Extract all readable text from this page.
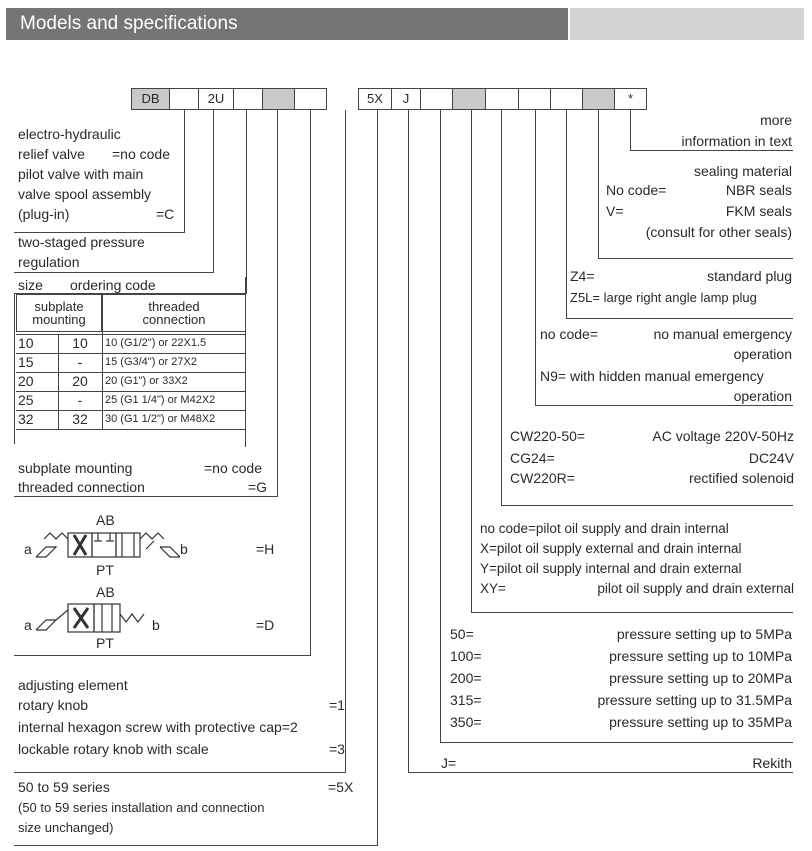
Models and specifications
DB	2U	5X	J	*
electro-hydraulic
relief valve =no code
pilot valve with main
valve spool assembly
(plug-in)	=C
two-staged pressure
regulation
size ordering code
subplate mounting	threaded connection
10	10	10 (G1/2") or 22X1.5
15	-	15 (G3/4") or 27X2
20	20	20 (G1") or 33X2
25	-	25 (G1 1/4") or M42X2
32	32	30 (G1 1/2") or M48X2
subplate mounting	=no code
threaded connection	=G
AB
a	b
PT
=H
AB
a	b
PT
=D
adjusting element
rotary knob	=1
internal hexagon screw with protective cap=2
lockable rotary knob with scale	=3
50 to 59 series	=5X
(50 to 59 series installation and connection
size unchanged)
more
information in text
sealing material
No code=	NBR seals
V=	FKM seals
(consult for other seals)
Z4=	standard plug
Z5L= large right angle lamp plug
no code=	no manual emergency
operation
N9= with hidden manual emergency
operation
CW220-50=	AC voltage 220V-50Hz
CG24=	DC24V
CW220R=	rectified solenoid
no code=pilot oil supply and drain internal
X=pilot oil supply external and drain internal
Y=pilot oil supply internal and drain external
XY=	pilot oil supply and drain external
50=	pressure setting up to 5MPa
100=	pressure setting up to 10MPa
200=	pressure setting up to 20MPa
315=	pressure setting up to 31.5MPa
350=	pressure setting up to 35MPa
J=	Rekith
